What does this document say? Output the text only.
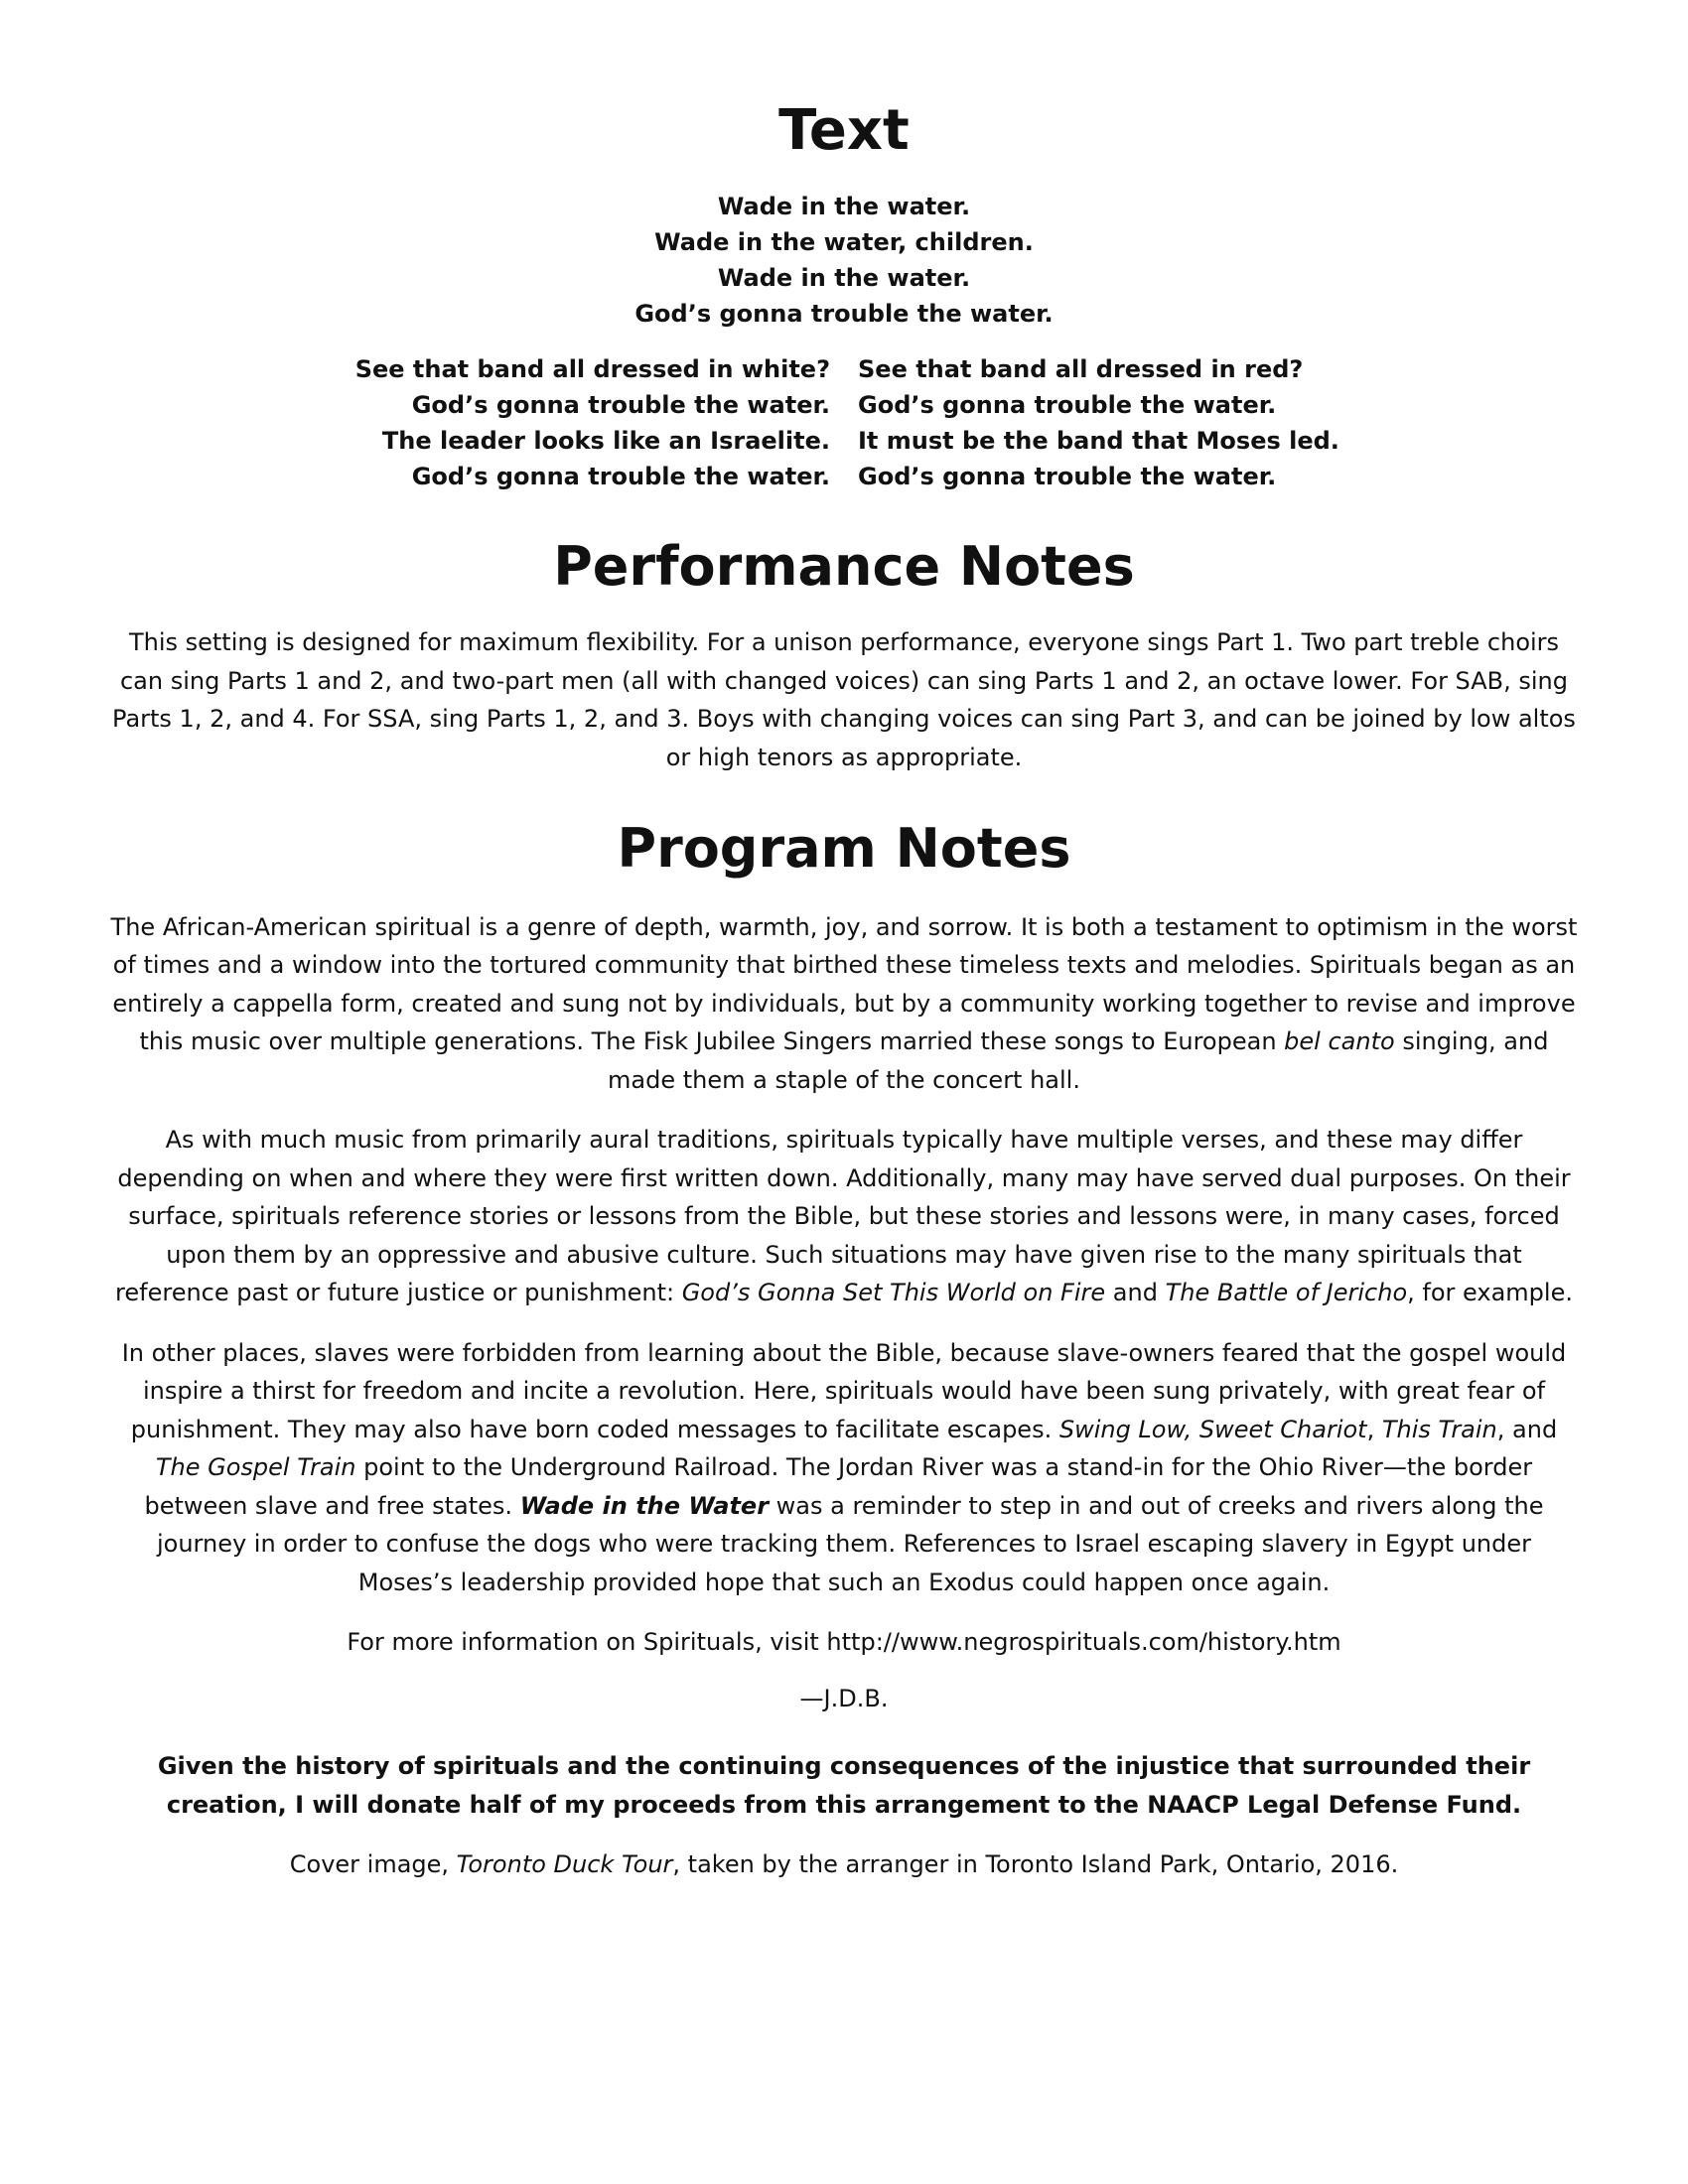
Text
Wade in the water.
Wade in the water, children.
Wade in the water.
God’s gonna trouble the water.
See that band all dressed in white?
God’s gonna trouble the water.
The leader looks like an Israelite.
God’s gonna trouble the water.
See that band all dressed in red?
God’s gonna trouble the water.
It must be the band that Moses led.
God’s gonna trouble the water.
Performance Notes

This setting is designed for maximum flexibility. For a unison performance, everyone sings Part 1. Two part treble choirs can sing Parts 1 and 2, and two-part men (all with changed voices) can sing Parts 1 and 2, an octave lower. For SAB, sing Parts 1, 2, and 4. For SSA, sing Parts 1, 2, and 3. Boys with changing voices can sing Part 3, and can be joined by low altos or high tenors as appropriate.

Program Notes

The African-American spiritual is a genre of depth, warmth, joy, and sorrow. It is both a testament to optimism in the worst of times and a window into the tortured community that birthed these timeless texts and melodies. Spirituals began as an entirely a cappella form, created and sung not by individuals, but by a community working together to revise and improve this music over multiple generations. The Fisk Jubilee Singers married these songs to European bel canto singing, and made them a staple of the concert hall.

As with much music from primarily aural traditions, spirituals typically have multiple verses, and these may differ depending on when and where they were first written down. Additionally, many may have served dual purposes. On their surface, spirituals reference stories or lessons from the Bible, but these stories and lessons were, in many cases, forced upon them by an oppressive and abusive culture. Such situations may have given rise to the many spirituals that reference past or future justice or punishment: God’s Gonna Set This World on Fire and The Battle of Jericho, for example.

In other places, slaves were forbidden from learning about the Bible, because slave-owners feared that the gospel would inspire a thirst for freedom and incite a revolution. Here, spirituals would have been sung privately, with great fear of punishment. They may also have born coded messages to facilitate escapes. Swing Low, Sweet Chariot, This Train, and The Gospel Train point to the Underground Railroad. The Jordan River was a stand-in for the Ohio River—the border between slave and free states. Wade in the Water was a reminder to step in and out of creeks and rivers along the journey in order to confuse the dogs who were tracking them. References to Israel escaping slavery in Egypt under Moses’s leadership provided hope that such an Exodus could happen once again.

For more information on Spirituals, visit http://www.negrospirituals.com/history.htm

—J.D.B.

Given the history of spirituals and the continuing consequences of the injustice that surrounded their creation, I will donate half of my proceeds from this arrangement to the NAACP Legal Defense Fund.

Cover image, Toronto Duck Tour, taken by the arranger in Toronto Island Park, Ontario, 2016.
